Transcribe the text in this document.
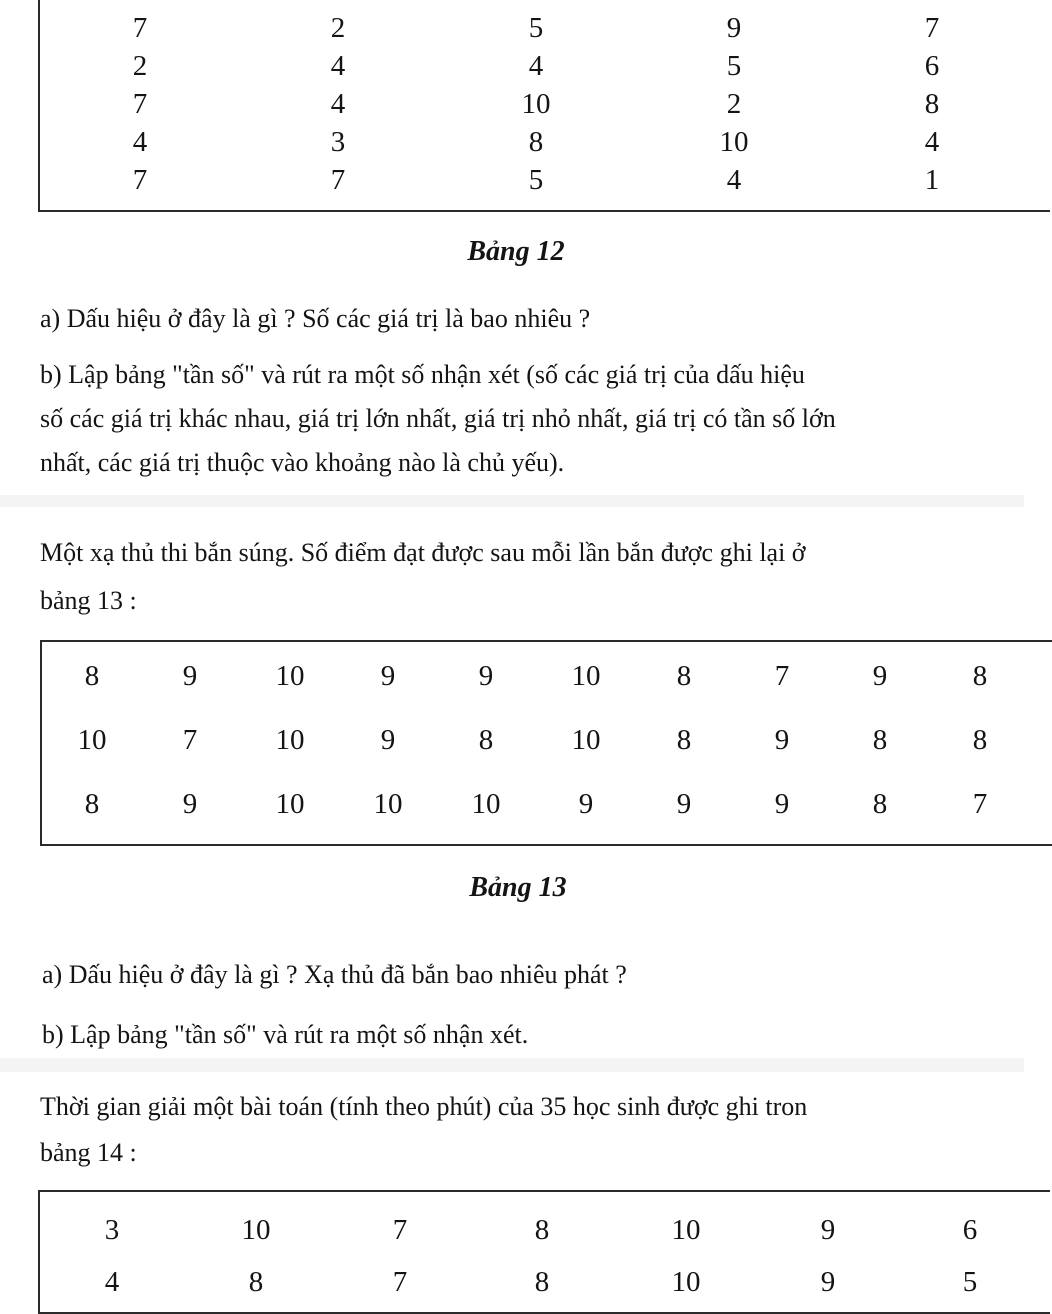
7	2	5	9	7
2	4	4	5	6
7	4	10	2	8
4	3	8	10	4
7	7	5	4	1
Bảng 12
a) Dấu hiệu ở đây là gì ? Số các giá trị là bao nhiêu ?
b) Lập bảng "tần số" và rút ra một số nhận xét (số các giá trị của dấu hiệu
số các giá trị khác nhau, giá trị lớn nhất, giá trị nhỏ nhất, giá trị có tần số lớn
nhất, các giá trị thuộc vào khoảng nào là chủ yếu).
Một xạ thủ thi bắn súng. Số điểm đạt được sau mỗi lần bắn được ghi lại ở
bảng 13 :
8	9	10	9	9	10	8	7	9	8
10	7	10	9	8	10	8	9	8	8
8	9	10 10 10	9	9	9	8	7
Bảng 13
a) Dấu hiệu ở đây là gì ? Xạ thủ đã bắn bao nhiêu phát ?
b) Lập bảng "tần số" và rút ra một số nhận xét.
Thời gian giải một bài toán (tính theo phút) của 35 học sinh được ghi tron
bảng 14 :
3	10	7	8	10	9	6
4	8	7	8	10	9	5
